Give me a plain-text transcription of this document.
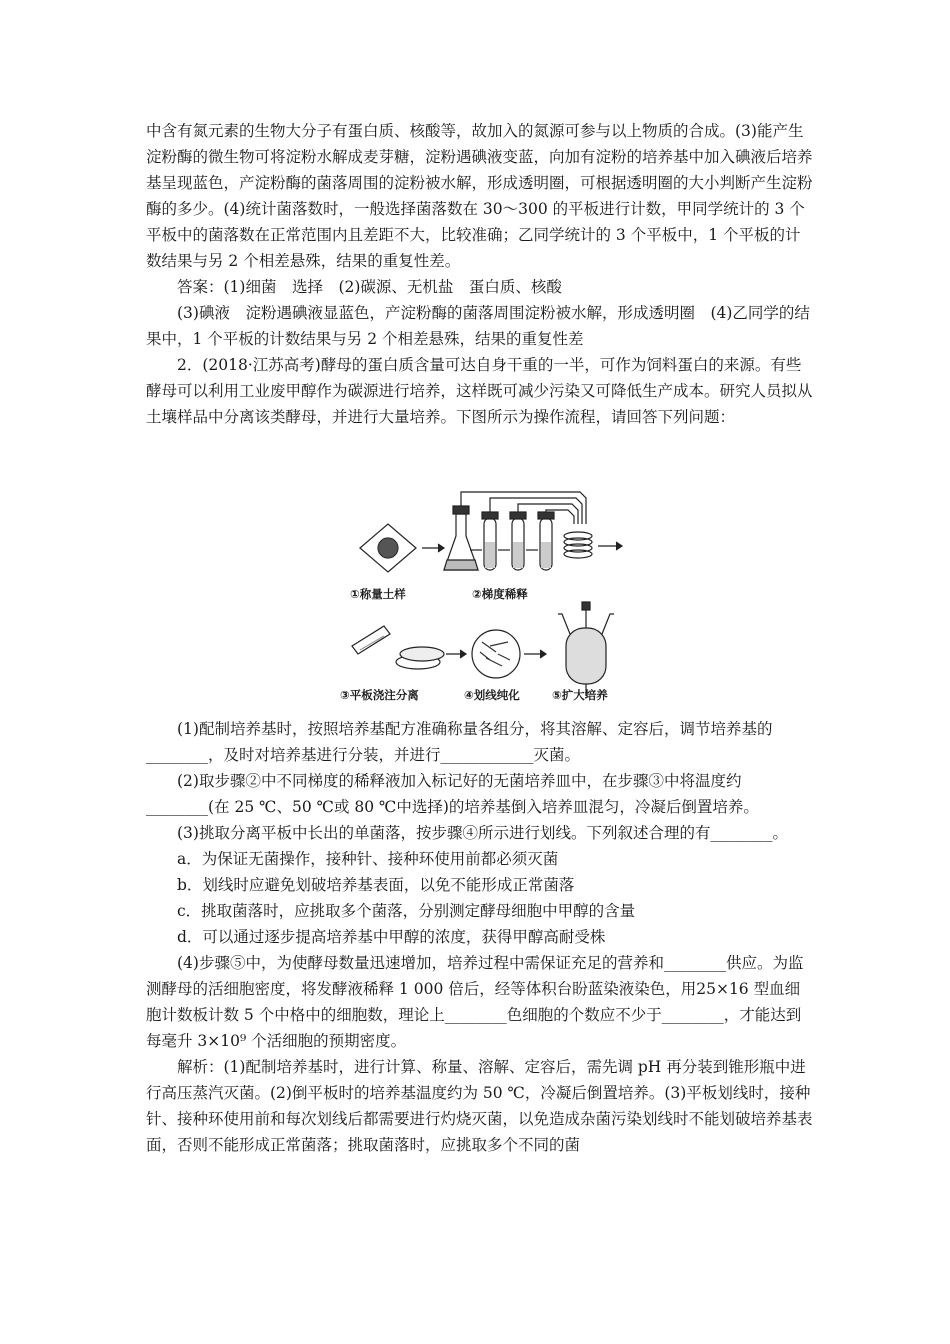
中含有氮元素的生物大分子有蛋白质、核酸等，故加入的氮源可参与以上物质的合成。(3)能产生淀粉酶的微生物可将淀粉水解成麦芽糖，淀粉遇碘液变蓝，向加有淀粉的培养基中加入碘液后培养基呈现蓝色，产淀粉酶的菌落周围的淀粉被水解，形成透明圈，可根据透明圈的大小判断产生淀粉酶的多少。(4)统计菌落数时，一般选择菌落数在 30～300 的平板进行计数，甲同学统计的 3 个平板中的菌落数在正常范围内且差距不大，比较准确；乙同学统计的 3 个平板中，1 个平板的计数结果与另 2 个相差悬殊，结果的重复性差。

答案：(1)细菌　选择　(2)碳源、无机盐　蛋白质、核酸

(3)碘液　淀粉遇碘液显蓝色，产淀粉酶的菌落周围淀粉被水解，形成透明圈　(4)乙同学的结果中，1 个平板的计数结果与另 2 个相差悬殊，结果的重复性差

2．(2018·江苏高考)酵母的蛋白质含量可达自身干重的一半，可作为饲料蛋白的来源。有些酵母可以利用工业废甲醇作为碳源进行培养，这样既可减少污染又可降低生产成本。研究人员拟从土壤样品中分离该类酵母，并进行大量培养。下图所示为操作流程，请回答下列问题：

①称量土样	②梯度稀释
③平板浇注分离	④划线纯化	⑤扩大培养

(1)配制培养基时，按照培养基配方准确称量各组分，将其溶解、定容后，调节培养基的________，及时对培养基进行分装，并进行____________灭菌。

(2)取步骤②中不同梯度的稀释液加入标记好的无菌培养皿中，在步骤③中将温度约________(在 25 ℃、50 ℃或 80 ℃中选择)的培养基倒入培养皿混匀，冷凝后倒置培养。

(3)挑取分离平板中长出的单菌落，按步骤④所示进行划线。下列叙述合理的有________。

a．为保证无菌操作，接种针、接种环使用前都必须灭菌

b．划线时应避免划破培养基表面，以免不能形成正常菌落

c．挑取菌落时，应挑取多个菌落，分别测定酵母细胞中甲醇的含量

d．可以通过逐步提高培养基中甲醇的浓度，获得甲醇高耐受株

(4)步骤⑤中，为使酵母数量迅速增加，培养过程中需保证充足的营养和________供应。为监测酵母的活细胞密度，将发酵液稀释 1 000 倍后，经等体积台盼蓝染液染色，用25×16 型血细胞计数板计数 5 个中格中的细胞数，理论上________色细胞的个数应不少于________，才能达到每毫升 3×10⁹ 个活细胞的预期密度。

解析：(1)配制培养基时，进行计算、称量、溶解、定容后，需先调 pH 再分装到锥形瓶中进行高压蒸汽灭菌。(2)倒平板时的培养基温度约为 50 ℃，冷凝后倒置培养。(3)平板划线时，接种针、接种环使用前和每次划线后都需要进行灼烧灭菌，以免造成杂菌污染划线时不能划破培养基表面，否则不能形成正常菌落；挑取菌落时，应挑取多个不同的菌
